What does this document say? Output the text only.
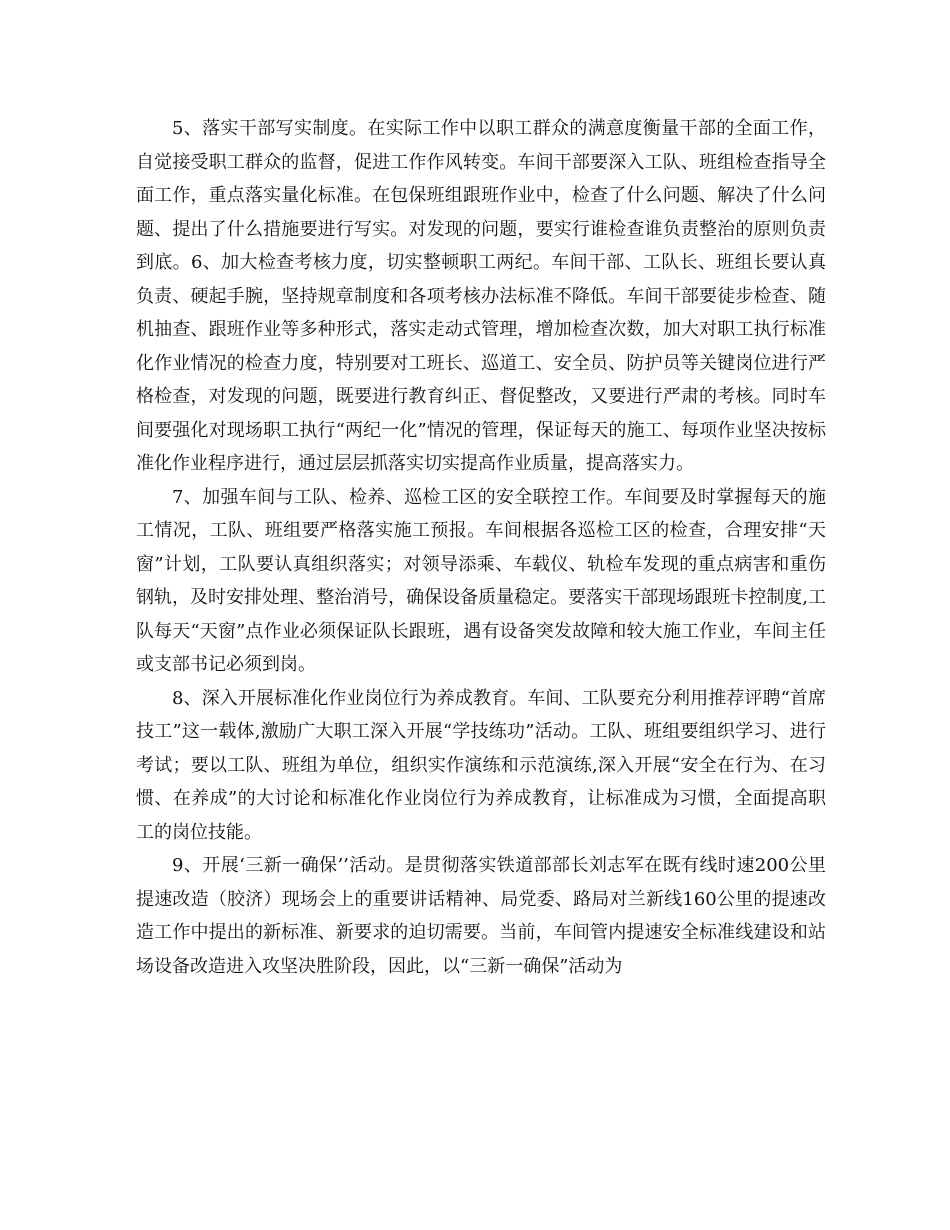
5、落实干部写实制度。在实际工作中以职工群众的满意度衡量干部的全面工作，自觉接受职工群众的监督，促进工作作风转变。车间干部要深入工队、班组检查指导全面工作，重点落实量化标准。在包保班组跟班作业中，检查了什么问题、解决了什么问题、提出了什么措施要进行写实。对发现的问题，要实行谁检查谁负责整治的原则负责到底。6、加大检查考核力度，切实整顿职工两纪。车间干部、工队长、班组长要认真负责、硬起手腕，坚持规章制度和各项考核办法标准不降低。车间干部要徒步检查、随机抽查、跟班作业等多种形式，落实走动式管理，增加检查次数，加大对职工执行标准化作业情况的检查力度，特别要对工班长、巡道工、安全员、防护员等关键岗位进行严格检查，对发现的问题，既要进行教育纠正、督促整改，又要进行严肃的考核。同时车间要强化对现场职工执行“两纪一化”情况的管理，保证每天的施工、每项作业坚决按标准化作业程序进行，通过层层抓落实切实提高作业质量，提高落实力。

7、加强车间与工队、检养、巡检工区的安全联控工作。车间要及时掌握每天的施工情况，工队、班组要严格落实施工预报。车间根据各巡检工区的检查，合理安排“天窗”计划，工队要认真组织落实；对领导添乘、车载仪、轨检车发现的重点病害和重伤钢轨，及时安排处理、整治消号，确保设备质量稳定。要落实干部现场跟班卡控制度,工队每天“天窗”点作业必须保证队长跟班，遇有设备突发故障和较大施工作业，车间主任或支部书记必须到岗。

8、深入开展标准化作业岗位行为养成教育。车间、工队要充分利用推荐评聘“首席技工”这一载体,激励广大职工深入开展“学技练功”活动。工队、班组要组织学习、进行考试；要以工队、班组为单位，组织实作演练和示范演练,深入开展“安全在行为、在习惯、在养成”的大讨论和标准化作业岗位行为养成教育，让标准成为习惯，全面提高职工的岗位技能。

9、开展‘三新一确保’’活动。是贯彻落实铁道部部长刘志军在既有线时速200公里提速改造（胶济）现场会上的重要讲话精神、局党委、路局对兰新线160公里的提速改造工作中提出的新标准、新要求的迫切需要。当前，车间管内提速安全标准线建设和站场设备改造进入攻坚决胜阶段，因此，以“三新一确保”活动为
